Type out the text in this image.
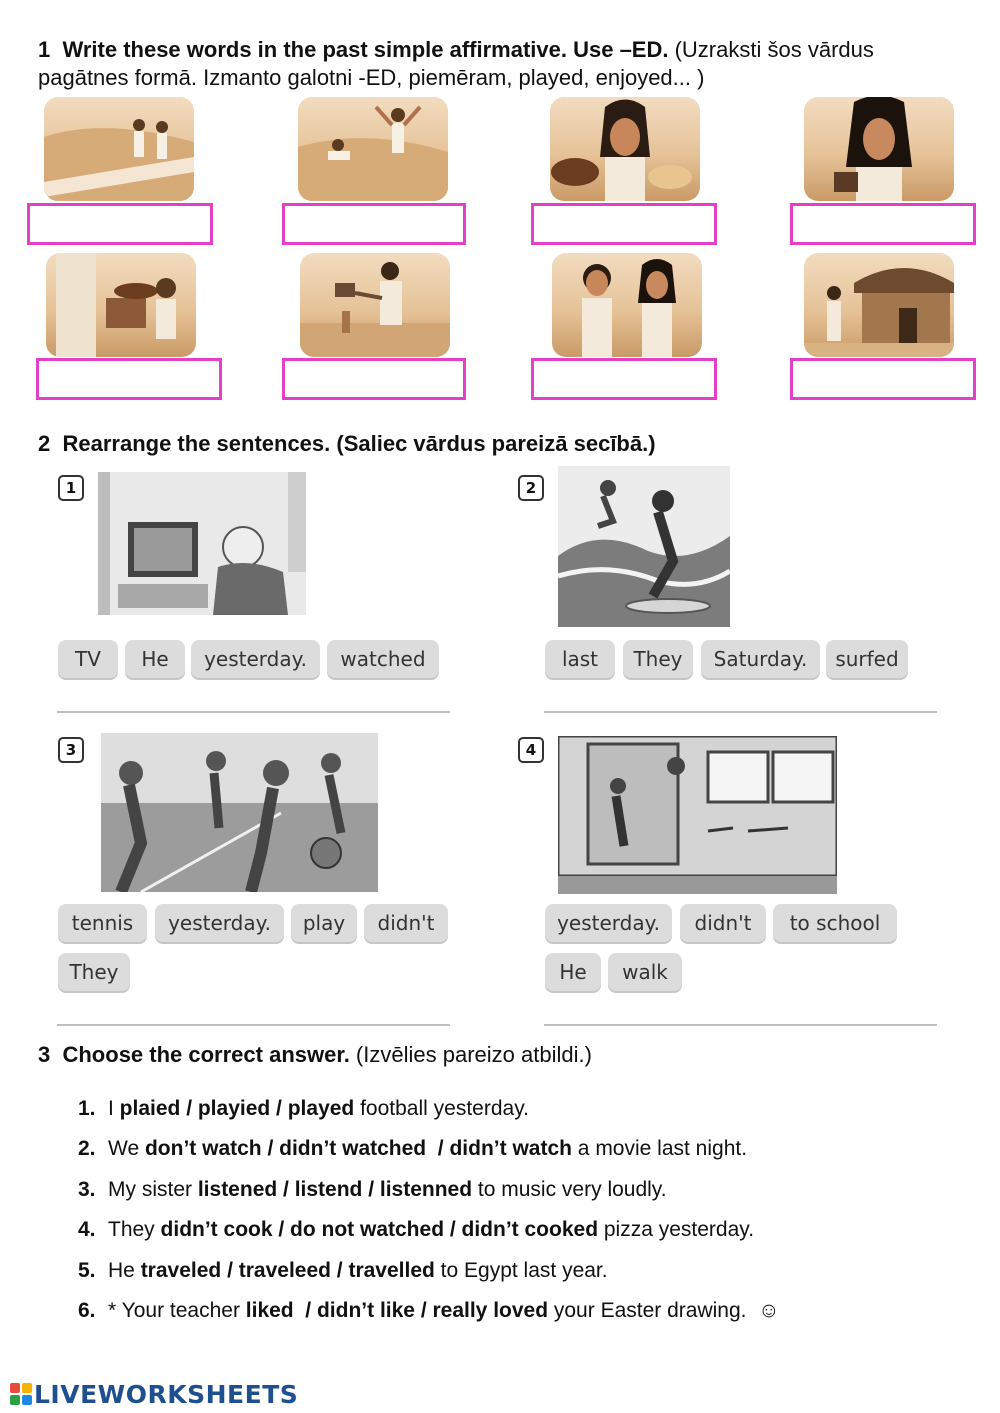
1 Write these words in the past simple affirmative. Use –ED. (Uzraksti šos vārdus
pagātnes formā. Izmanto galotni -ED, piemēram, played, enjoyed... )
2 Rearrange the sentences. (Saliec vārdus pareizā secībā.)
1
TV	He	yesterday.	watched
2
last	They	Saturday.	surfed
3
tennis	yesterday.	play	didn't
They
4
yesterday.	didn't	to school
He	walk
3 Choose the correct answer. (Izvēlies pareizo atbildi.)
1. I plaied / playied / played football yesterday.
2. We don’t watch / didn’t watched  / didn’t watch a movie last night.
3. My sister listened / listend / listenned to music very loudly.
4. They didn’t cook / do not watched / didn’t cooked pizza yesterday.
5. He traveled / traveleed / travelled to Egypt last year.
6. * Your teacher liked  / didn’t like / really loved your Easter drawing.  ☺
LIVEWORKSHEETS
